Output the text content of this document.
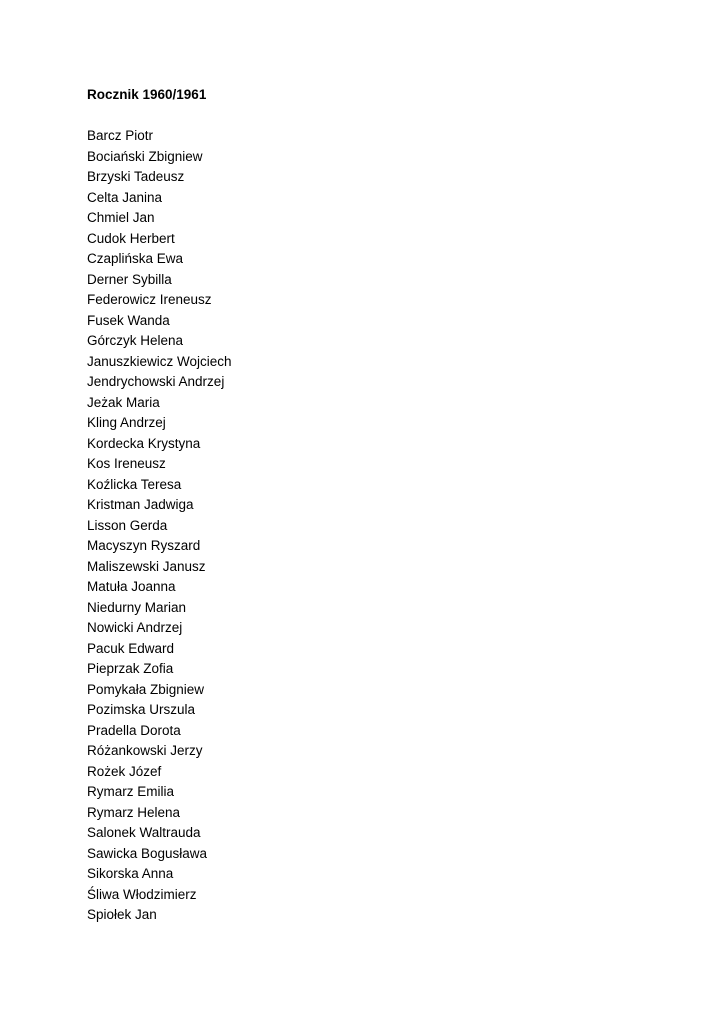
Rocznik 1960/1961
Barcz Piotr
Bociański Zbigniew
Brzyski Tadeusz
Celta Janina
Chmiel Jan
Cudok Herbert
Czaplińska Ewa
Derner Sybilla
Federowicz Ireneusz
Fusek Wanda
Górczyk Helena
Januszkiewicz Wojciech
Jendrychowski Andrzej
Jeżak Maria
Kling Andrzej
Kordecka Krystyna
Kos Ireneusz
Koźlicka Teresa
Kristman Jadwiga
Lisson Gerda
Macyszyn Ryszard
Maliszewski Janusz
Matuła Joanna
Niedurny Marian
Nowicki Andrzej
Pacuk Edward
Pieprzak Zofia
Pomykała Zbigniew
Pozimska Urszula
Pradella Dorota
Różankowski Jerzy
Rożek Józef
Rymarz Emilia
Rymarz Helena
Salonek Waltrauda
Sawicka Bogusława
Sikorska Anna
Śliwa Włodzimierz
Spiołek Jan
